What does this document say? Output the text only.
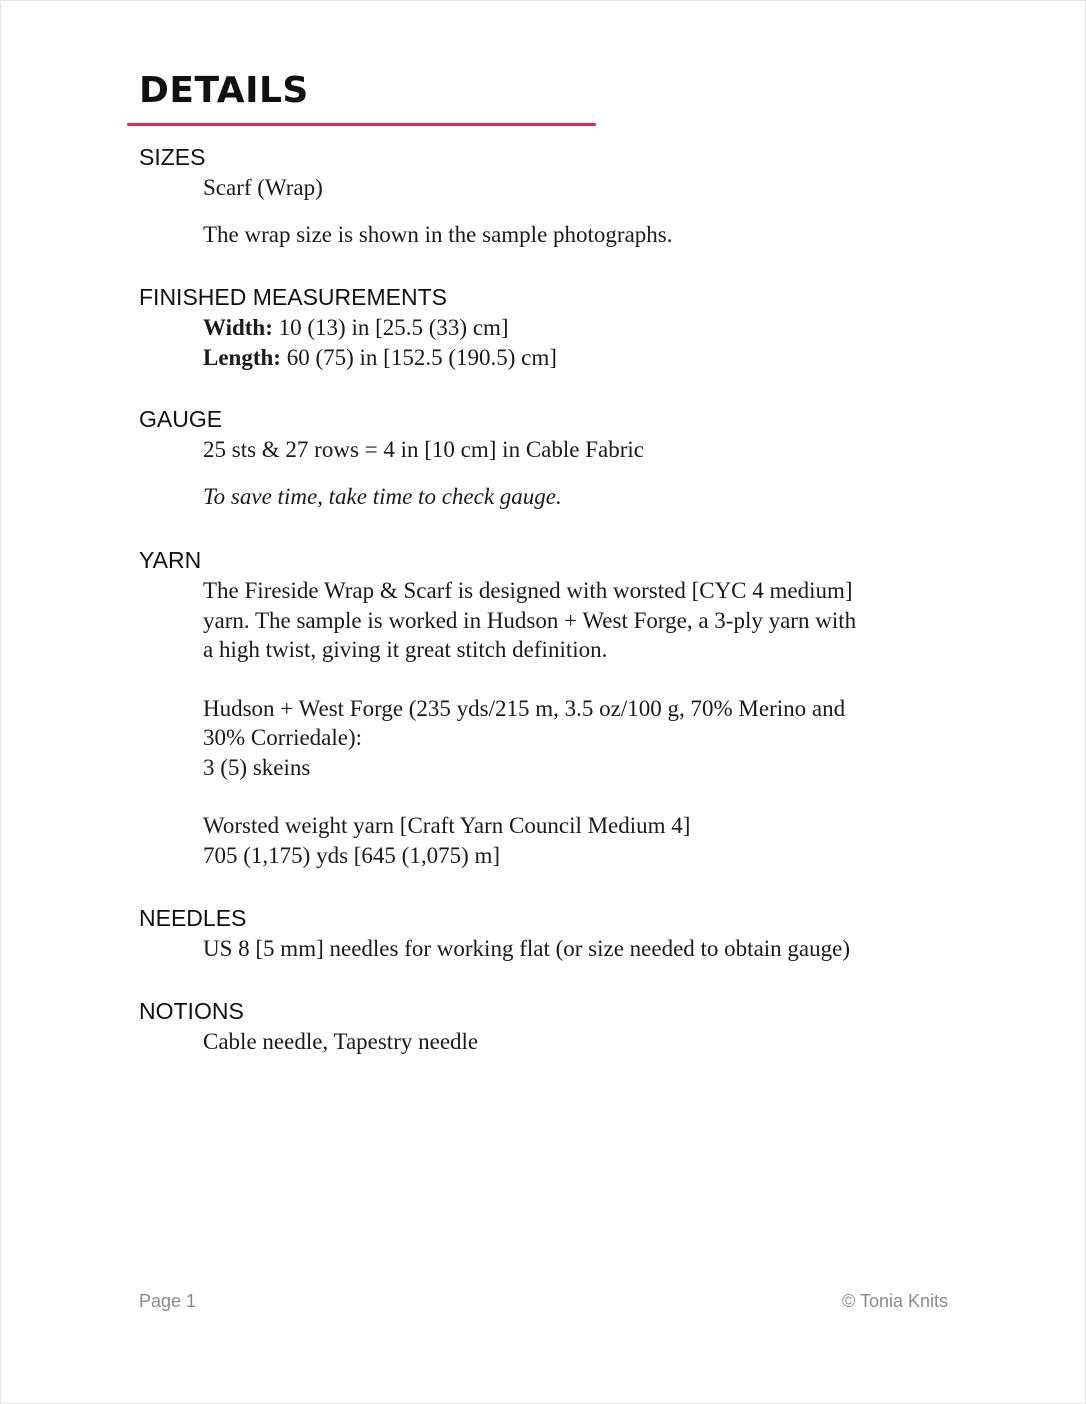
DETAILS
SIZES

Scarf (Wrap)

The wrap size is shown in the sample photographs.

FINISHED MEASUREMENTS

Width: 10 (13) in [25.5 (33) cm]

Length: 60 (75) in [152.5 (190.5) cm]

GAUGE

25 sts & 27 rows = 4 in [10 cm] in Cable Fabric

To save time, take time to check gauge.

YARN

The Fireside Wrap & Scarf is designed with worsted [CYC 4 medium]

yarn. The sample is worked in Hudson + West Forge, a 3-ply yarn with

a high twist, giving it great stitch definition.

Hudson + West Forge (235 yds/215 m, 3.5 oz/100 g, 70% Merino and

30% Corriedale):

3 (5) skeins

Worsted weight yarn [Craft Yarn Council Medium 4]

705 (1,175) yds [645 (1,075) m]

NEEDLES

US 8 [5 mm] needles for working flat (or size needed to obtain gauge)

NOTIONS

Cable needle, Tapestry needle

Page 1	© Tonia Knits
